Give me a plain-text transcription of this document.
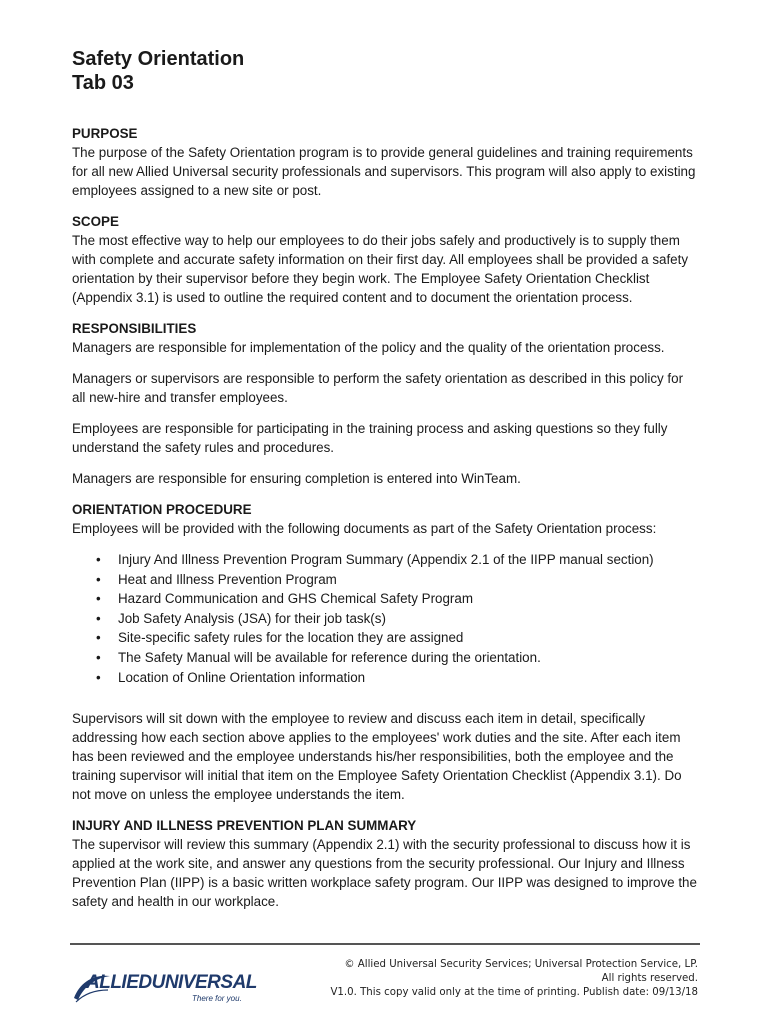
Safety Orientation
Tab 03

PURPOSE

The purpose of the Safety Orientation program is to provide general guidelines and training requirements for all new Allied Universal security professionals and supervisors. This program will also apply to existing employees assigned to a new site or post.

SCOPE

The most effective way to help our employees to do their jobs safely and productively is to supply them with complete and accurate safety information on their first day. All employees shall be provided a safety orientation by their supervisor before they begin work. The Employee Safety Orientation Checklist (Appendix 3.1) is used to outline the required content and to document the orientation process.

RESPONSIBILITIES

Managers are responsible for implementation of the policy and the quality of the orientation process.

Managers or supervisors are responsible to perform the safety orientation as described in this policy for all new-hire and transfer employees.

Employees are responsible for participating in the training process and asking questions so they fully understand the safety rules and procedures.

Managers are responsible for ensuring completion is entered into WinTeam.

ORIENTATION PROCEDURE

Employees will be provided with the following documents as part of the Safety Orientation process:

• Injury And Illness Prevention Program Summary (Appendix 2.1 of the IIPP manual section)
• Heat and Illness Prevention Program
• Hazard Communication and GHS Chemical Safety Program
• Job Safety Analysis (JSA) for their job task(s)
• Site-specific safety rules for the location they are assigned
• The Safety Manual will be available for reference during the orientation.
• Location of Online Orientation information

Supervisors will sit down with the employee to review and discuss each item in detail, specifically addressing how each section above applies to the employees' work duties and the site. After each item has been reviewed and the employee understands his/her responsibilities, both the employee and the training supervisor will initial that item on the Employee Safety Orientation Checklist (Appendix 3.1). Do not move on unless the employee understands the item.

INJURY AND ILLNESS PREVENTION PLAN SUMMARY

The supervisor will review this summary (Appendix 2.1) with the security professional to discuss how it is applied at the work site, and answer any questions from the security professional. Our Injury and Illness Prevention Plan (IIPP) is a basic written workplace safety program. Our IIPP was designed to improve the safety and health in our workplace.

ALLIEDUNIVERSAL
There for you.
© Allied Universal Security Services; Universal Protection Service, LP.
All rights reserved.
V1.0. This copy valid only at the time of printing. Publish date: 09/13/18
